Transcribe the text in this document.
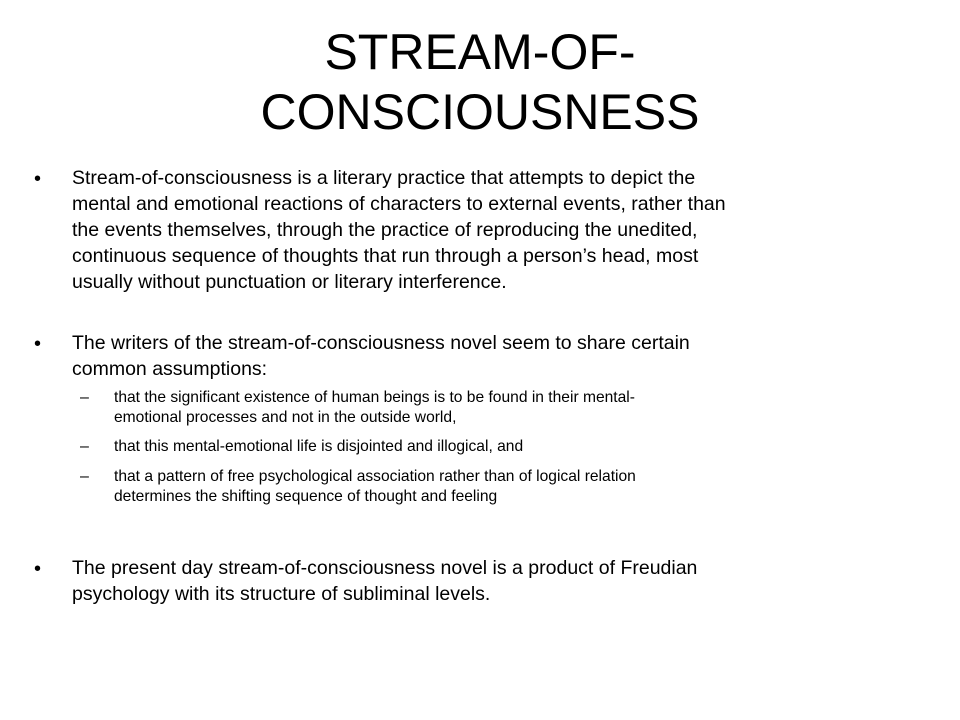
STREAM-OF-
CONSCIOUSNESS
• Stream-of-consciousness is a literary practice that attempts to depict the
mental and emotional reactions of characters to external events, rather than
the events themselves, through the practice of reproducing the unedited,
continuous sequence of thoughts that run through a person’s head, most
usually without punctuation or literary interference.
• The writers of the stream-of-consciousness novel seem to share certain
common assumptions:
– that the significant existence of human beings is to be found in their mental-
emotional processes and not in the outside world,
– that this mental-emotional life is disjointed and illogical, and
– that a pattern of free psychological association rather than of logical relation
determines the shifting sequence of thought and feeling
• The present day stream-of-consciousness novel is a product of Freudian
psychology with its structure of subliminal levels.
